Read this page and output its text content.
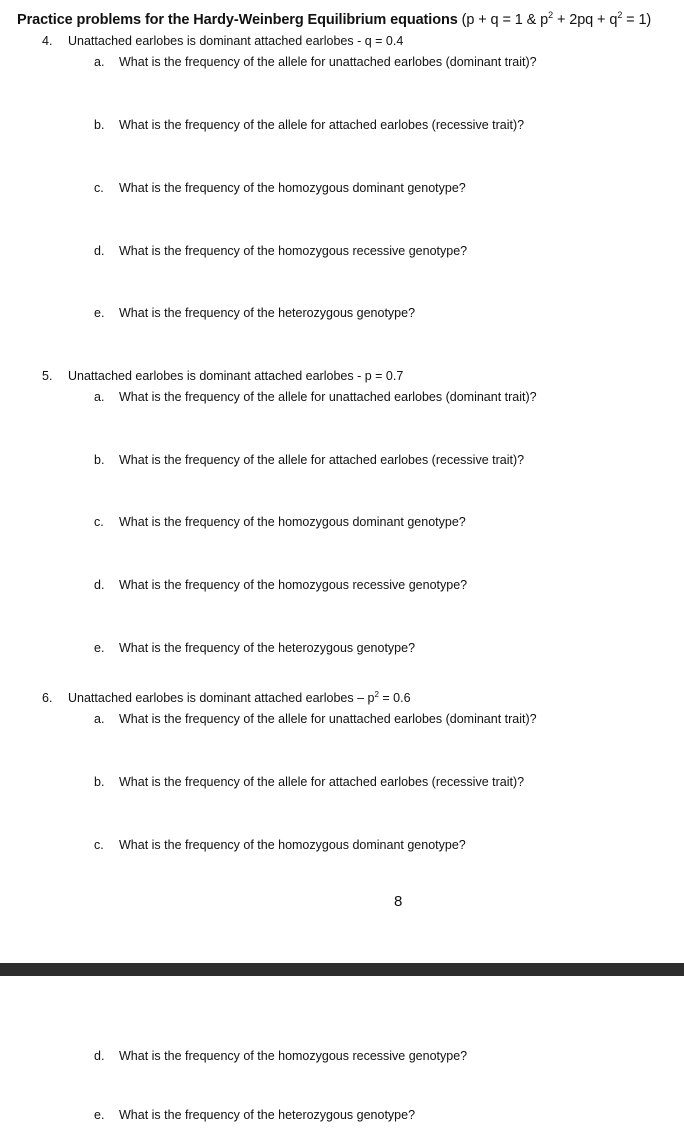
Practice problems for the Hardy-Weinberg Equilibrium equations (p + q = 1 & $p^2 + 2pq + q^2 = 1$)
4. Unattached earlobes is dominant attached earlobes - q = 0.4
a. What is the frequency of the allele for unattached earlobes (dominant trait)?
b. What is the frequency of the allele for attached earlobes (recessive trait)?
c. What is the frequency of the homozygous dominant genotype?
d. What is the frequency of the homozygous recessive genotype?
e. What is the frequency of the heterozygous genotype?
5. Unattached earlobes is dominant attached earlobes - p = 0.7
a. What is the frequency of the allele for unattached earlobes (dominant trait)?
b. What is the frequency of the allele for attached earlobes (recessive trait)?
c. What is the frequency of the homozygous dominant genotype?
d. What is the frequency of the homozygous recessive genotype?
e. What is the frequency of the heterozygous genotype?
6. Unattached earlobes is dominant attached earlobes – $p^2 = 0.6$
a. What is the frequency of the allele for unattached earlobes (dominant trait)?
b. What is the frequency of the allele for attached earlobes (recessive trait)?
c. What is the frequency of the homozygous dominant genotype?
8
d. What is the frequency of the homozygous recessive genotype?
e. What is the frequency of the heterozygous genotype?
